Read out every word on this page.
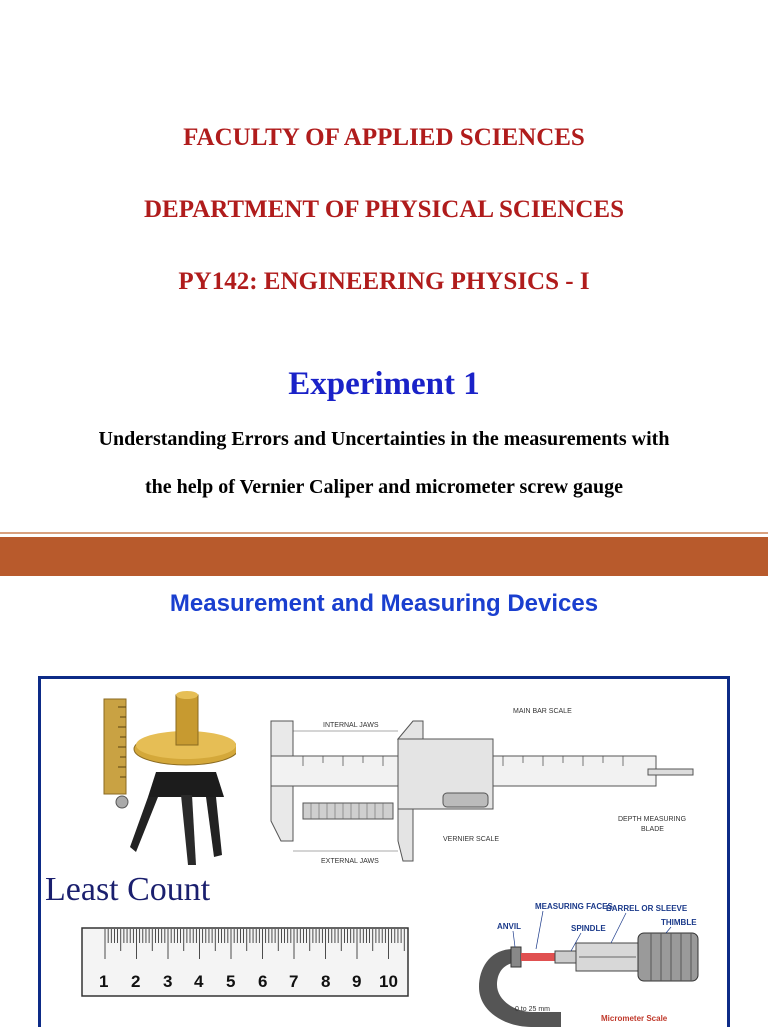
FACULTY OF APPLIED SCIENCES
DEPARTMENT OF PHYSICAL SCIENCES
PY142: ENGINEERING PHYSICS - I
Experiment 1
Understanding Errors and Uncertainties in the measurements with
the help of Vernier Caliper and micrometer screw gauge
Measurement and Measuring Devices
INTERNAL JAWS
MAIN BAR SCALE
VERNIER SCALE
DEPTH MEASURING
BLADE
EXTERNAL JAWS
Least Count
1 2 3 4 5 6 7 8 9 10
MEASURING FACES
BARREL OR SLEEVE
THIMBLE
ANVIL	SPINDLE
0 to 25 mm
Micrometer Scale
